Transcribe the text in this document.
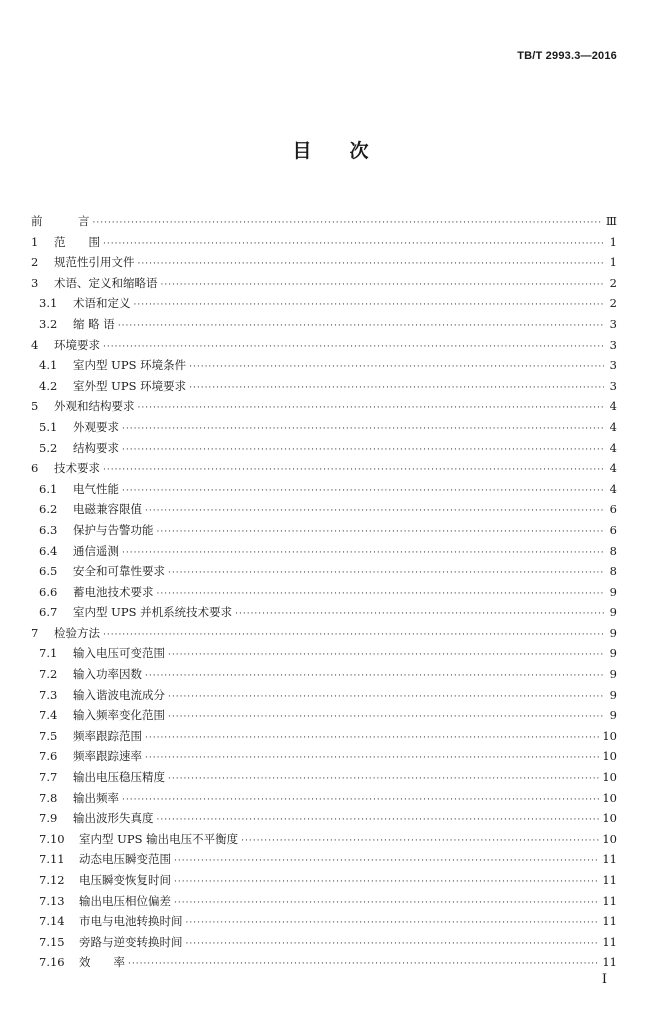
TB/T 2993.3—2016
目次
前	言 ·····	Ⅲ
1	范　　围 ·····	1
2	规范性引用文件 ·····	1
3	术语、定义和缩略语 ·····	2
3.1	术语和定义 ·····	2
3.2	缩 略 语 ·····	3
4	环境要求 ·····	3
4.1	室内型 UPS 环境条件 ·····	3
4.2	室外型 UPS 环境要求 ·····	3
5	外观和结构要求 ·····	4
5.1	外观要求 ·····	4
5.2	结构要求 ·····	4
6	技术要求 ·····	4
6.1	电气性能 ·····	4
6.2	电磁兼容限值 ·····	6
6.3	保护与告警功能 ·····	6
6.4	通信遥测 ·····	8
6.5	安全和可靠性要求 ·····	8
6.6	蓄电池技术要求 ·····	9
6.7	室内型 UPS 并机系统技术要求 ·····	9
7	检验方法 ·····	9
7.1	输入电压可变范围 ·····	9
7.2	输入功率因数 ·····	9
7.3	输入谐波电流成分 ·····	9
7.4	输入频率变化范围 ·····	9
7.5	频率跟踪范围 ·····	10
7.6	频率跟踪速率 ·····	10
7.7	输出电压稳压精度 ·····	10
7.8	输出频率 ·····	10
7.9	输出波形失真度 ·····	10
7.10	室内型 UPS 输出电压不平衡度 ·····	10
7.11	动态电压瞬变范围 ·····	11
7.12	电压瞬变恢复时间 ·····	11
7.13	输出电压相位偏差 ·····	11
7.14	市电与电池转换时间 ·····	11
7.15	旁路与逆变转换时间 ·····	11
7.16	效　　率 ·····	11
I
